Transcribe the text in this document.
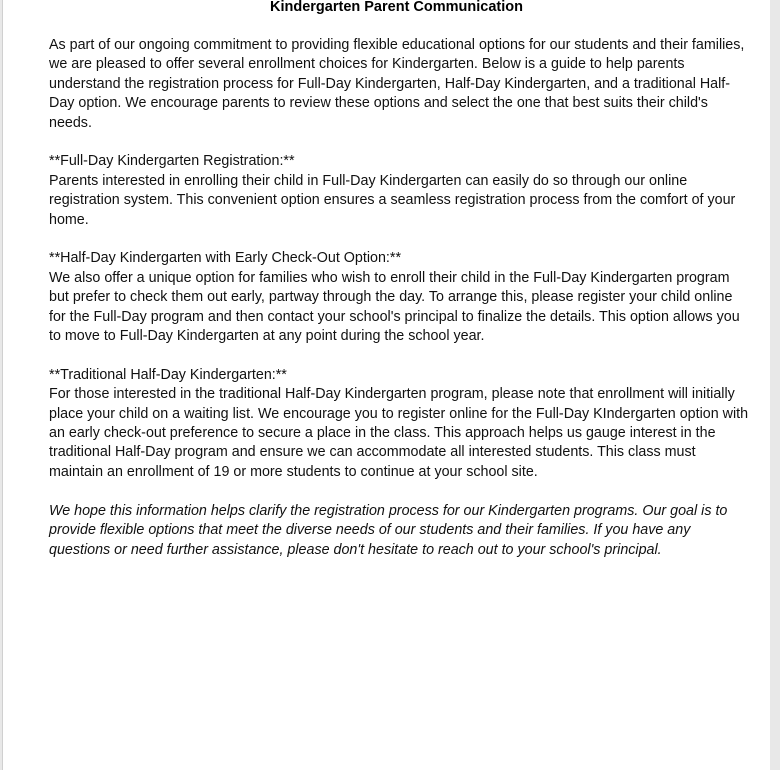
Kindergarten Parent Communication

As part of our ongoing commitment to providing flexible educational options for our students and their families, we are pleased to offer several enrollment choices for Kindergarten. Below is a guide to help parents understand the registration process for Full-Day Kindergarten, Half-Day Kindergarten, and a traditional Half-Day option. We encourage parents to review these options and select the one that best suits their child's needs.

**Full-Day Kindergarten Registration:**
Parents interested in enrolling their child in Full-Day Kindergarten can easily do so through our online registration system. This convenient option ensures a seamless registration process from the comfort of your home.

**Half-Day Kindergarten with Early Check-Out Option:**
We also offer a unique option for families who wish to enroll their child in the Full-Day Kindergarten program but prefer to check them out early, partway through the day. To arrange this, please register your child online for the Full-Day program and then contact your school's principal to finalize the details. This option allows you to move to Full-Day Kindergarten at any point during the school year.

**Traditional Half-Day Kindergarten:**
For those interested in the traditional Half-Day Kindergarten program, please note that enrollment will initially place your child on a waiting list. We encourage you to register online for the Full-Day KIndergarten option with an early check-out preference to secure a place in the class. This approach helps us gauge interest in the traditional Half-Day program and ensure we can accommodate all interested students. This class must maintain an enrollment of 19 or more students to continue at your school site.

We hope this information helps clarify the registration process for our Kindergarten programs. Our goal is to provide flexible options that meet the diverse needs of our students and their families. If you have any questions or need further assistance, please don't hesitate to reach out to your school's principal.
